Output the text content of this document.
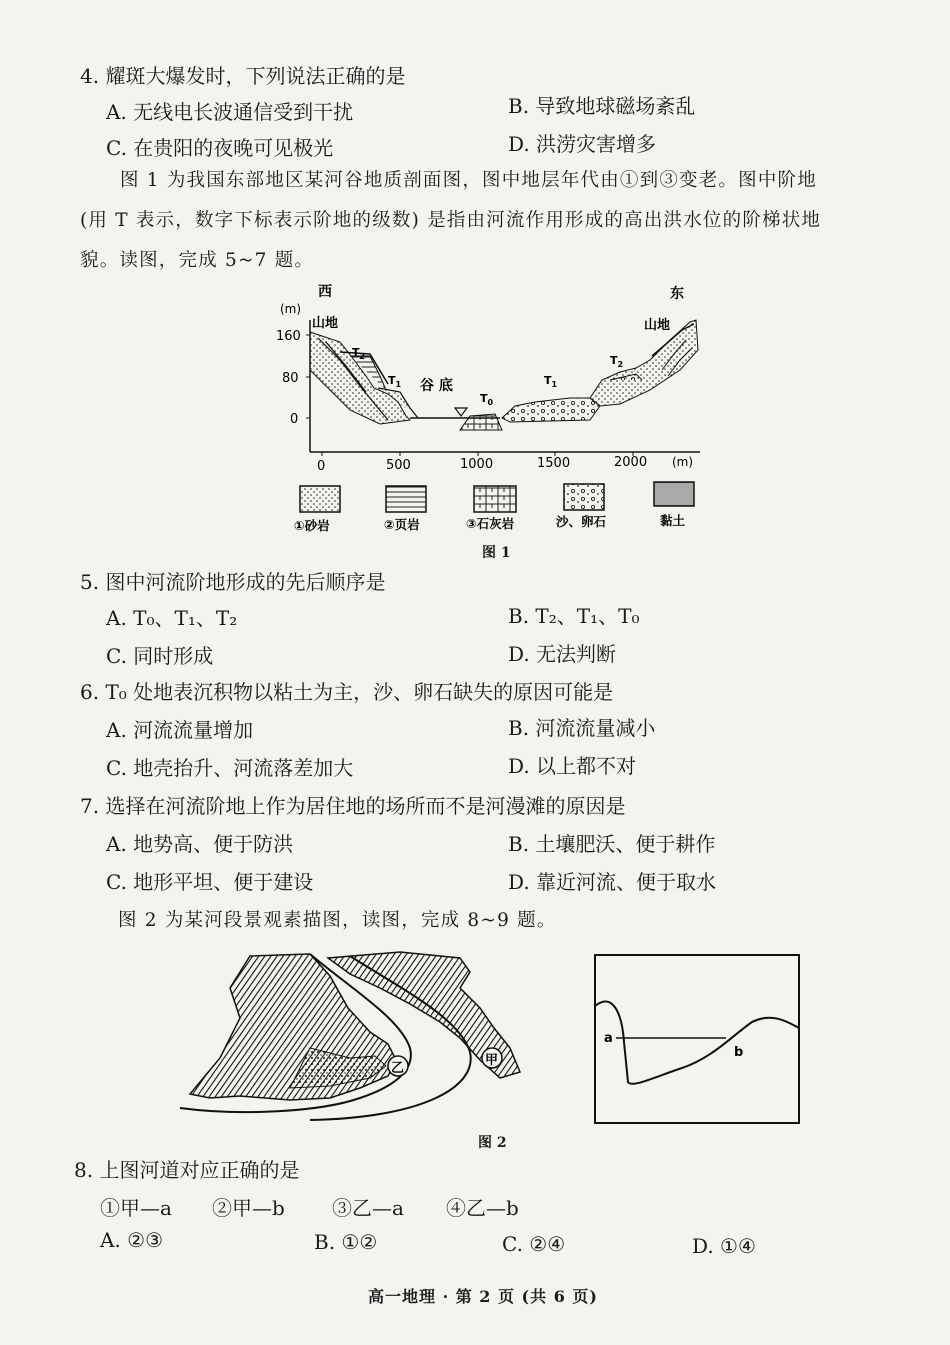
4. 耀斑大爆发时，下列说法正确的是
A. 无线电长波通信受到干扰	B. 导致地球磁场紊乱
C. 在贵阳的夜晚可见极光	D. 洪涝灾害增多
图 1 为我国东部地区某河谷地质剖面图，图中地层年代由①到③变老。图中阶地
(用 T 表示，数字下标表示阶地的级数) 是指由河流作用形成的高出洪水位的阶梯状地
貌。读图，完成 5~7 题。
(m)
西	东
山地	山地
160
80
0
0	500	1000	1500	2000 (m)
$T_2$
$T_1$ 谷 底
$T_0$
$T_1$
$T_2$
①砂岩	②页岩	③石灰岩	沙、卵石	黏土
图 1
5. 图中河流阶地形成的先后顺序是
A. T₀、T₁、T₂	B. T₂、T₁、T₀
C. 同时形成	D. 无法判断
6. T₀ 处地表沉积物以粘土为主，沙、卵石缺失的原因可能是
A. 河流流量增加	B. 河流流量减小
C. 地壳抬升、河流落差加大	D. 以上都不对
7. 选择在河流阶地上作为居住地的场所而不是河漫滩的原因是
A. 地势高、便于防洪	B. 土壤肥沃、便于耕作
C. 地形平坦、便于建设	D. 靠近河流、便于取水
图 2 为某河段景观素描图，读图，完成 8~9 题。
乙
甲
a
b
图 2
8. 上图河道对应正确的是
①甲—a ②甲—b ③乙—a ④乙—b
A. ②③	B. ①②	C. ②④	D. ①④
高一地理 · 第 2 页 (共 6 页)
